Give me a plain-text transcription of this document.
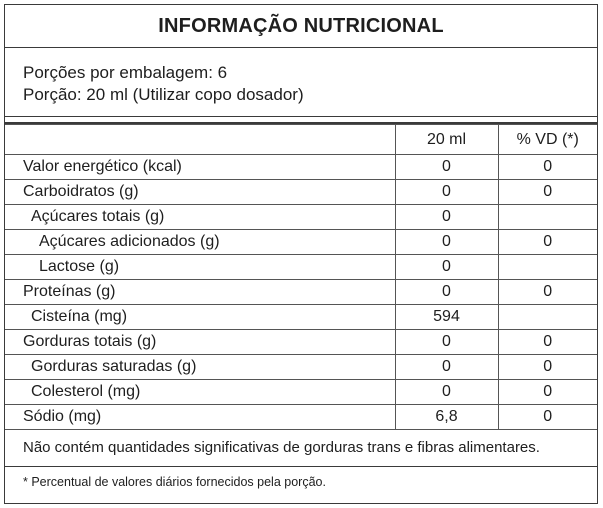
INFORMAÇÃO NUTRICIONAL
Porções por embalagem: 6
Porção: 20 ml (Utilizar copo dosador)
	20 ml	% VD (*)
Valor energético (kcal)	0	0
Carboidratos (g)	0	0
Açúcares totais (g)	0	
Açúcares adicionados (g)	0	0
Lactose (g)	0	
Proteínas (g)	0	0
Cisteína (mg)	594	
Gorduras totais (g)	0	0
Gorduras saturadas (g)	0	0
Colesterol (mg)	0	0
Sódio (mg)	6,8	0
Não contém quantidades significativas de gorduras trans e fibras alimentares.
* Percentual de valores diários fornecidos pela porção.
